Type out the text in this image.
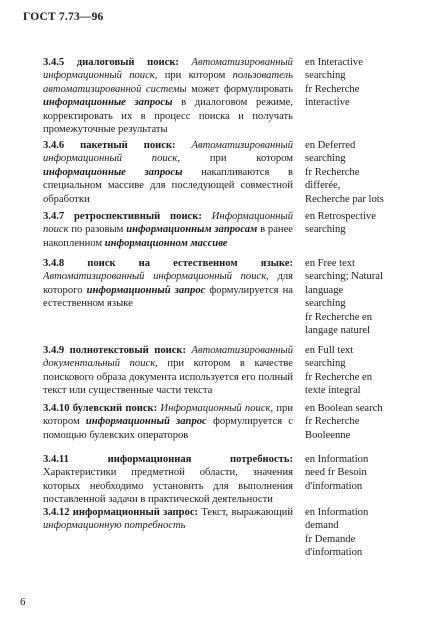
ГОСТ 7.73—96
3.4.5 диалоговый поиск: Автоматизированный информационный поиск, при котором пользователь автоматизированной системы может формулировать информационные запросы в диалоговом режиме, корректировать их в процесс поиска и получать промежуточные результаты
en Interactive
searching
fr Recherche
interactive
3.4.6 пакетный поиск: Автоматизированный информационный поиск, при котором информационные запросы накапливаются в специальном массиве для последующей совместной обработки
en Deferred
searching
fr Recherche
differée,
Recherche par lots
3.4.7 ретроспективный поиск: Информационный поиск по разовым информационным запросам в ранее накопленном информационном массиве
en Retrospective
searching
3.4.8 поиск на естественном языке: Автоматизированный информационный поиск, для которого информационный запрос формулируется на естественном языке
en Free text
searching; Natural
language
searching
fr Recherche en
langage naturel
3.4.9 полнотекстовый поиск: Автоматизированный документальный поиск, при котором в качестве поискового образа документа используется его полный текст или существенные части текста
en Full text
searching
fr Recherche en
texte integral
3.4.10 булевский поиск: Информационный поиск, при котором информационный запрос формулируется с помощью булевских операторов
en Boolean search
fr Recherche
Booleenne
3.4.11	информационная потребность: Характеристики предметной области, значения которых необходимо установить для выполнения поставленной задачи в практической деятельности
en Information
need fr Besoin
d'information
3.4.12 информационный запрос: Текст, выражающий информационную потребность
en Information
demand
fr Demande
d'information
6
